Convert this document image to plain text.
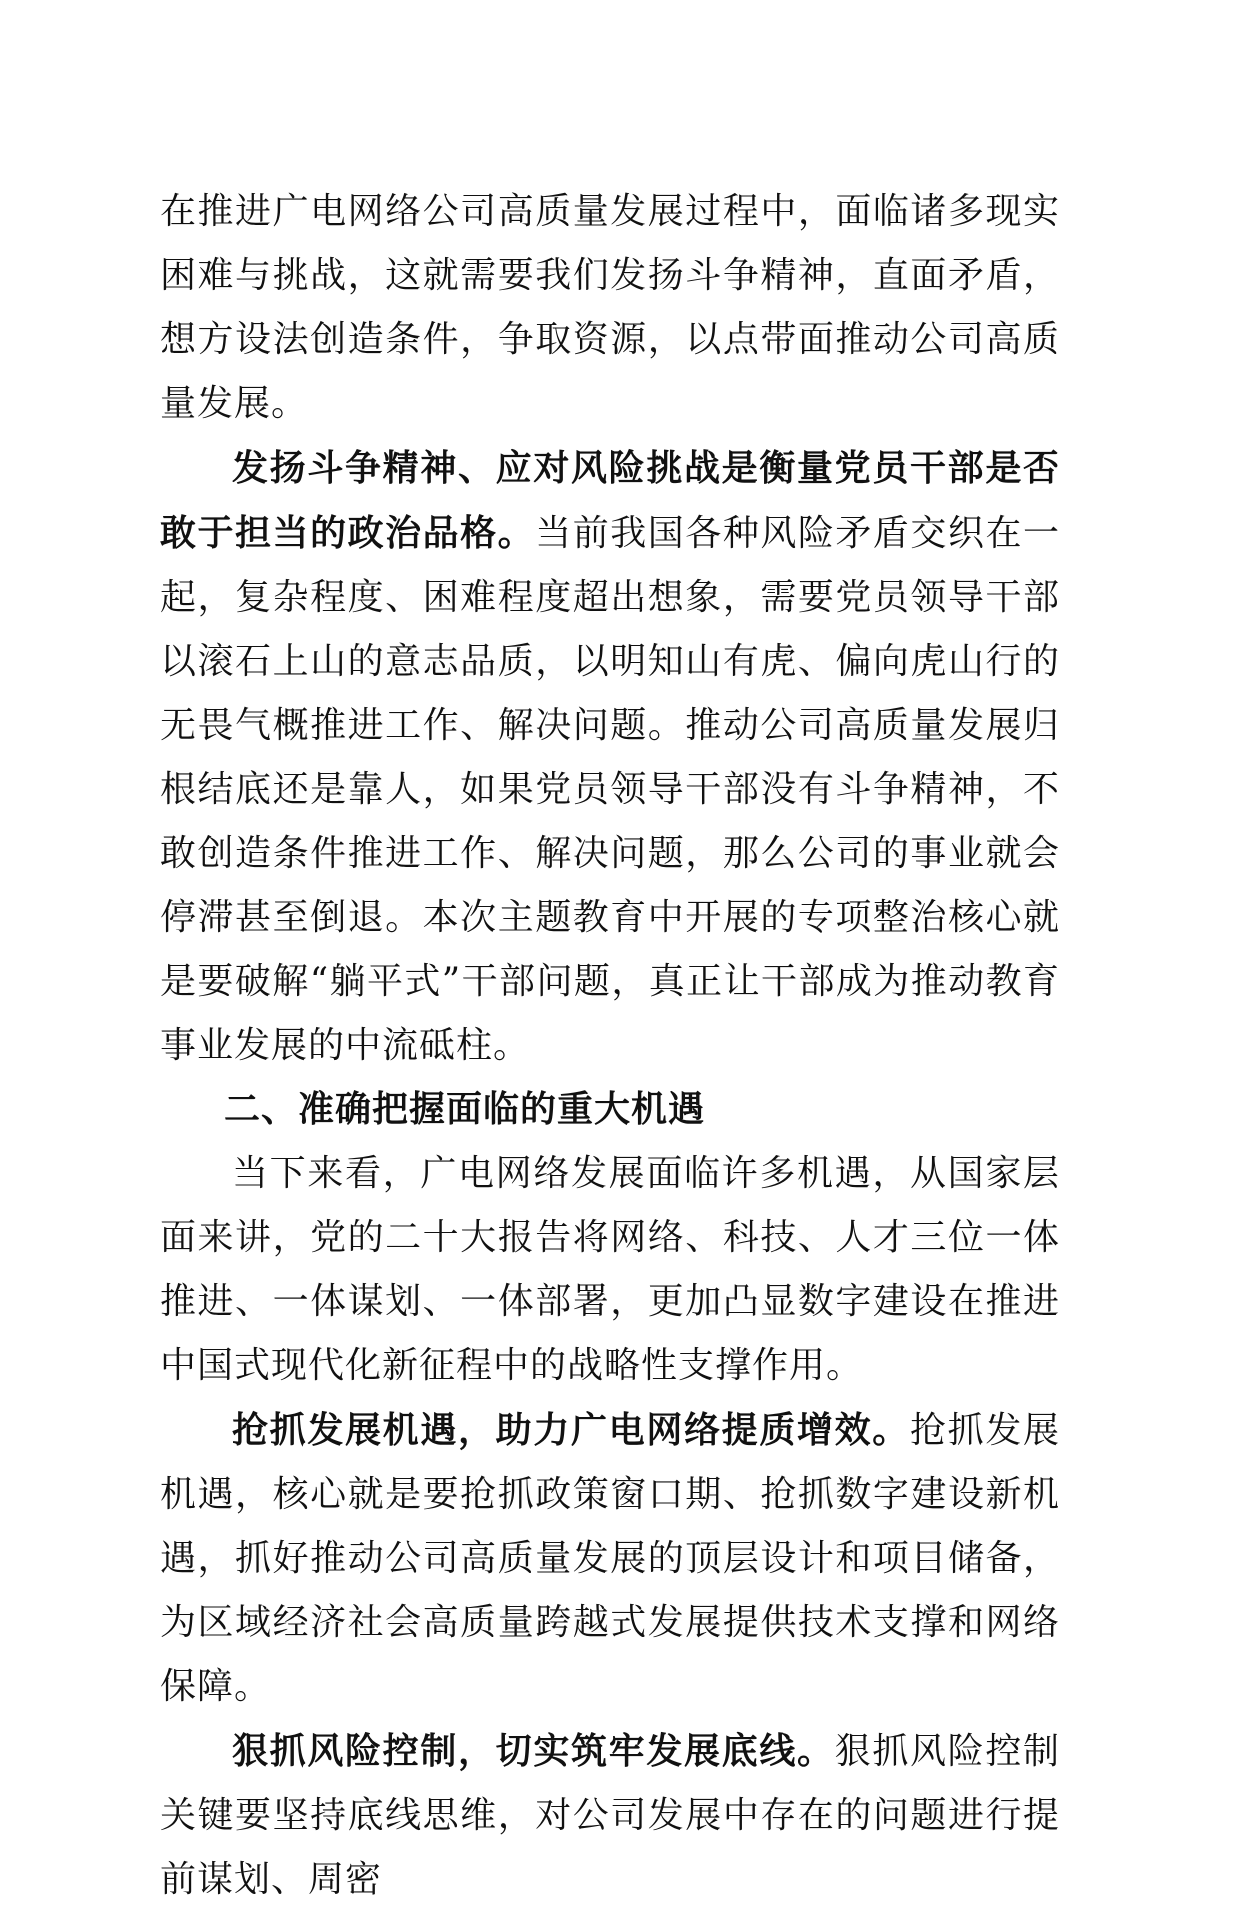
在推进广电网络公司高质量发展过程中，面临诸多现实困难与挑战，这就需要我们发扬斗争精神，直面矛盾，想方设法创造条件，争取资源，以点带面推动公司高质量发展。

发扬斗争精神、应对风险挑战是衡量党员干部是否敢于担当的政治品格。当前我国各种风险矛盾交织在一起，复杂程度、困难程度超出想象，需要党员领导干部以滚石上山的意志品质，以明知山有虎、偏向虎山行的无畏气概推进工作、解决问题。推动公司高质量发展归根结底还是靠人，如果党员领导干部没有斗争精神，不敢创造条件推进工作、解决问题，那么公司的事业就会停滞甚至倒退。本次主题教育中开展的专项整治核心就是要破解“躺平式”干部问题，真正让干部成为推动教育事业发展的中流砥柱。

二、准确把握面临的重大机遇

当下来看，广电网络发展面临许多机遇，从国家层面来讲，党的二十大报告将网络、科技、人才三位一体推进、一体谋划、一体部署，更加凸显数字建设在推进中国式现代化新征程中的战略性支撑作用。

抢抓发展机遇，助力广电网络提质增效。抢抓发展机遇，核心就是要抢抓政策窗口期、抢抓数字建设新机遇，抓好推动公司高质量发展的顶层设计和项目储备，为区域经济社会高质量跨越式发展提供技术支撑和网络保障。

狠抓风险控制，切实筑牢发展底线。狠抓风险控制关键要坚持底线思维，对公司发展中存在的问题进行提前谋划、周密
